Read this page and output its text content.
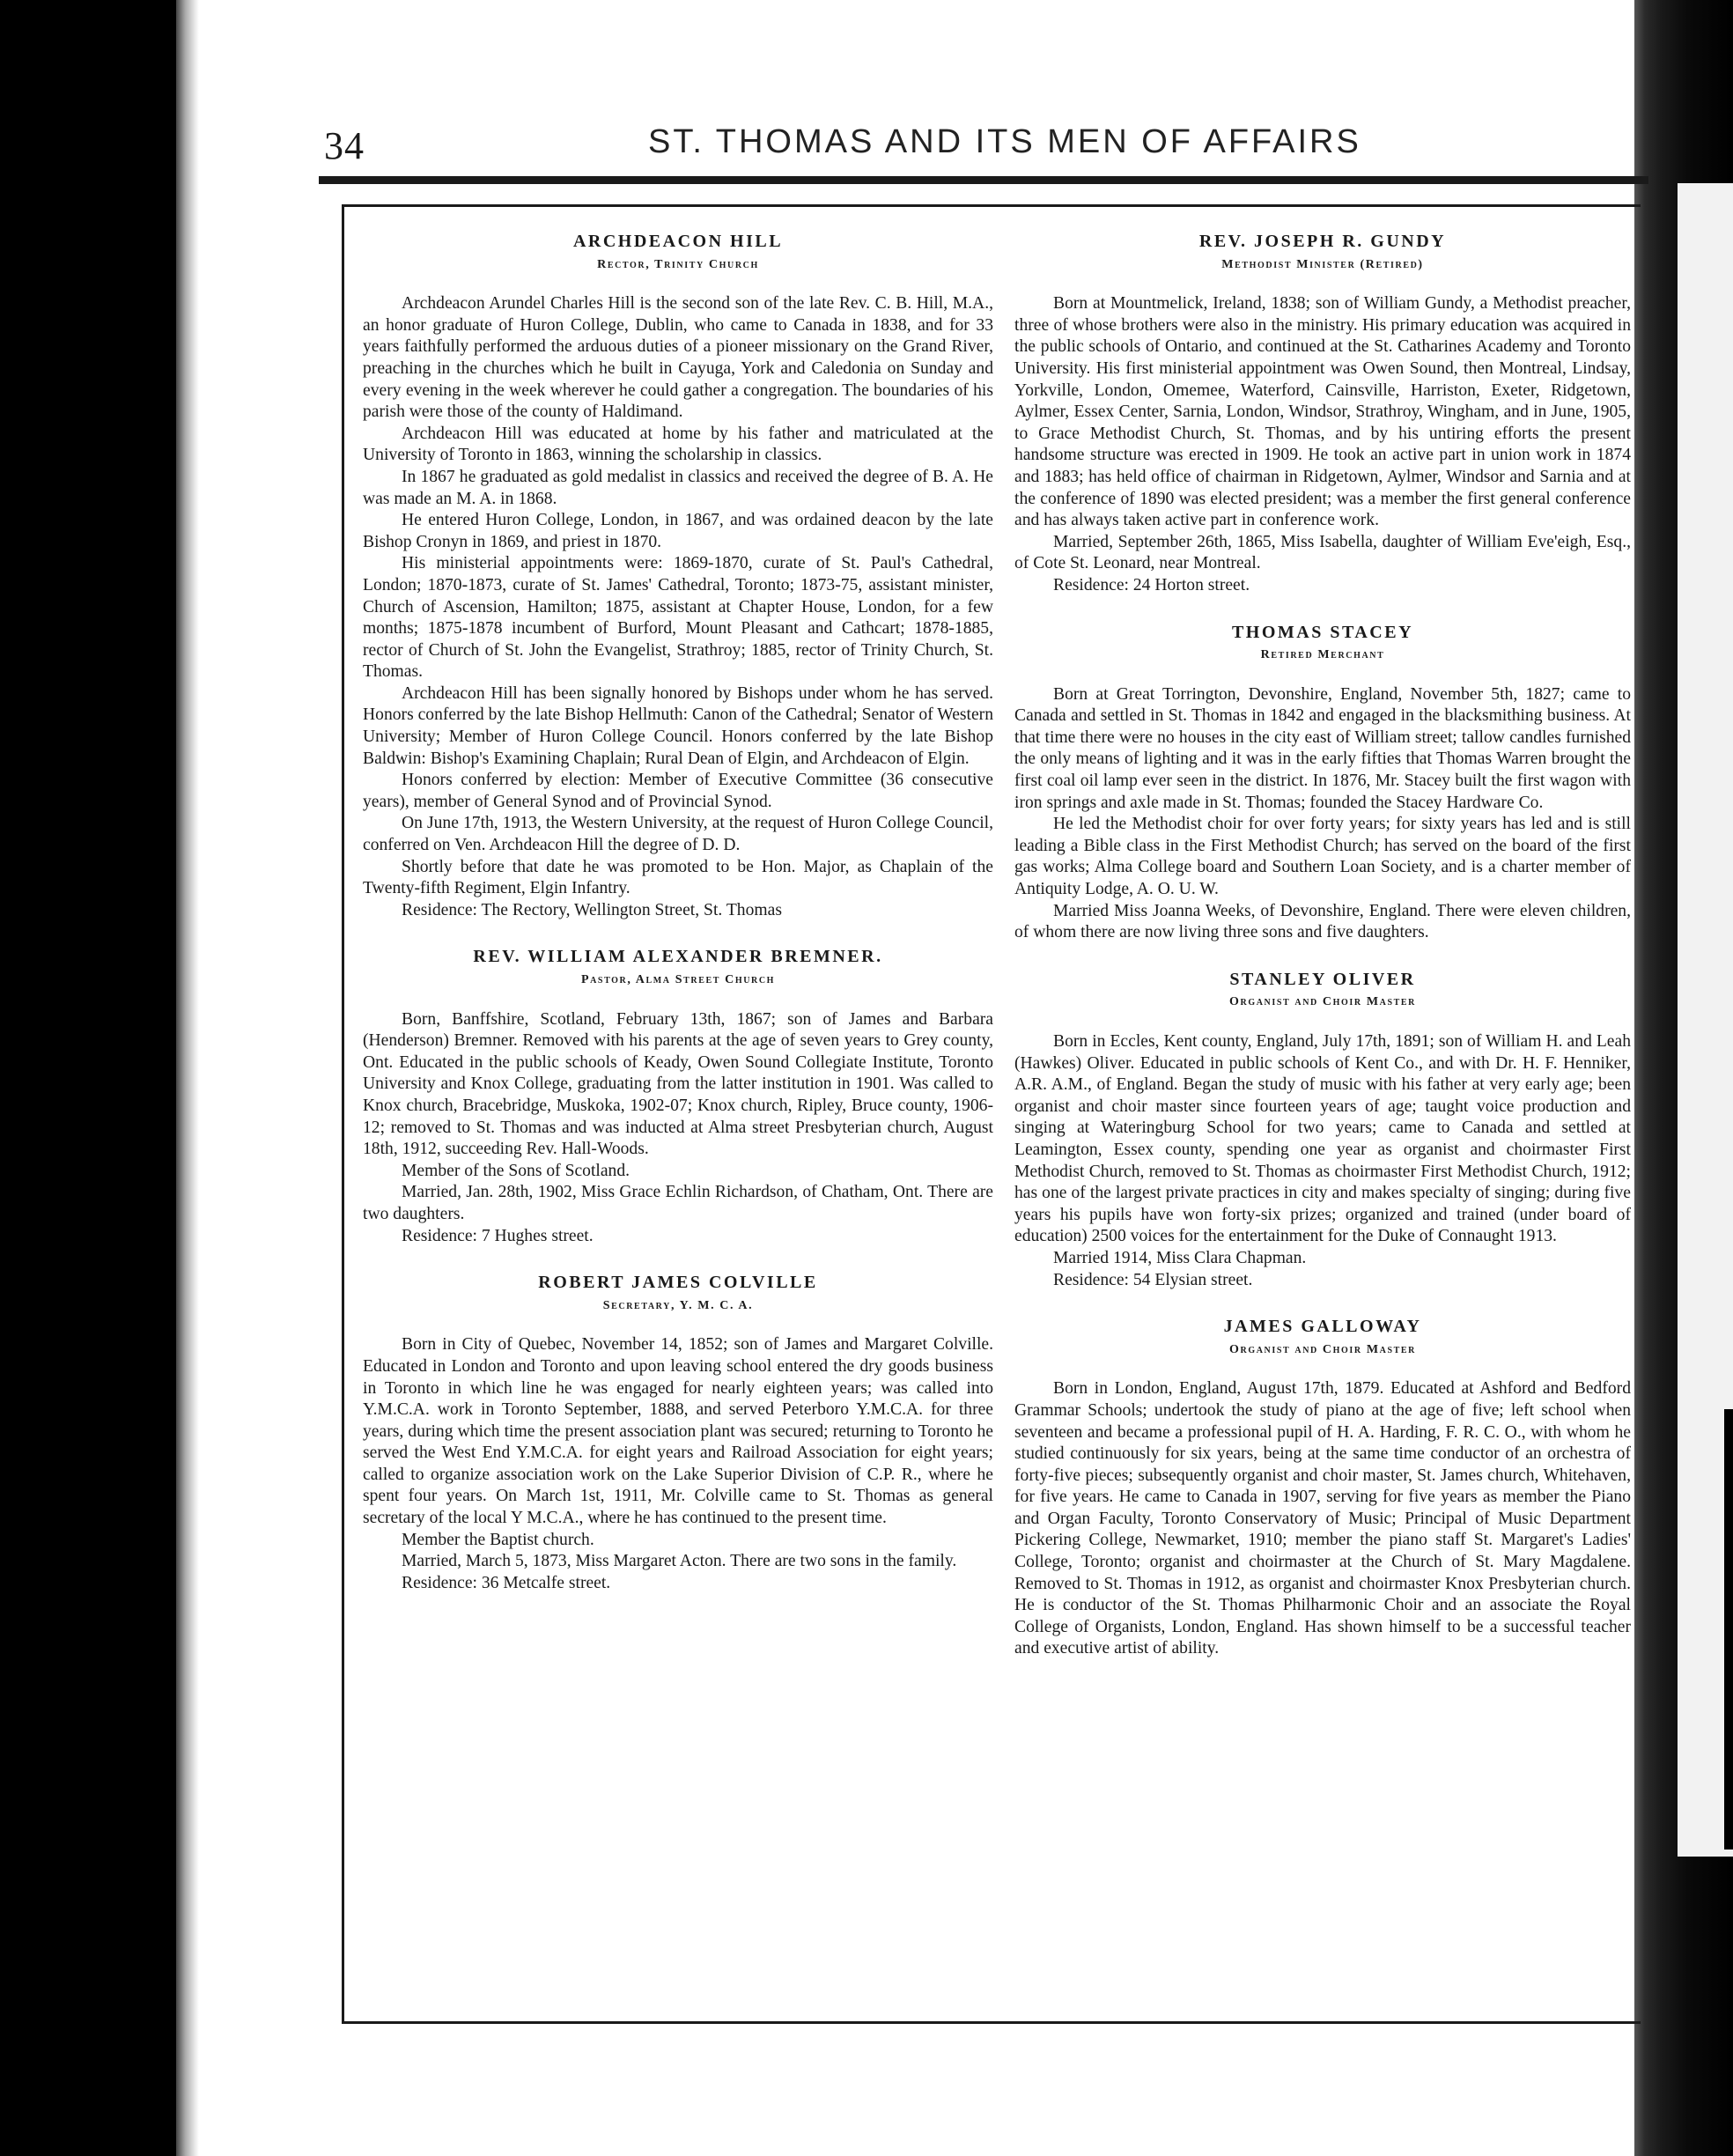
34	ST. THOMAS AND ITS MEN OF AFFAIRS
ARCHDEACON HILL
Rector, Trinity Church

Archdeacon Arundel Charles Hill is the second son of the late Rev. C. B. Hill, M.A., an honor graduate of Huron College, Dublin, who came to Canada in 1838, and for 33 years faithfully performed the arduous duties of a pioneer missionary on the Grand River, preaching in the churches which he built in Cayuga, York and Caledonia on Sunday and every evening in the week wherever he could gather a congregation. The boundaries of his parish were those of the county of Haldimand.

Archdeacon Hill was educated at home by his father and matriculated at the University of Toronto in 1863, winning the scholarship in classics.

In 1867 he graduated as gold medalist in classics and received the degree of B. A. He was made an M. A. in 1868.

He entered Huron College, London, in 1867, and was ordained deacon by the late Bishop Cronyn in 1869, and priest in 1870.

His ministerial appointments were: 1869-1870, curate of St. Paul's Cathedral, London; 1870-1873, curate of St. James' Cathedral, Toronto; 1873-75, assistant minister, Church of Ascension, Hamilton; 1875, assistant at Chapter House, London, for a few months; 1875-1878 incumbent of Burford, Mount Pleasant and Cathcart; 1878-1885, rector of Church of St. John the Evangelist, Strathroy; 1885, rector of Trinity Church, St. Thomas.

Archdeacon Hill has been signally honored by Bishops under whom he has served. Honors conferred by the late Bishop Hellmuth: Canon of the Cathedral; Senator of Western University; Member of Huron College Council. Honors conferred by the late Bishop Baldwin: Bishop's Examining Chaplain; Rural Dean of Elgin, and Archdeacon of Elgin.

Honors conferred by election: Member of Executive Committee (36 consecutive years), member of General Synod and of Provincial Synod.

On June 17th, 1913, the Western University, at the request of Huron College Council, conferred on Ven. Archdeacon Hill the degree of D. D.

Shortly before that date he was promoted to be Hon. Major, as Chaplain of the Twenty-fifth Regiment, Elgin Infantry.

Residence: The Rectory, Wellington Street, St. Thomas

REV. WILLIAM ALEXANDER BREMNER.
Pastor, Alma Street Church

Born, Banffshire, Scotland, February 13th, 1867; son of James and Barbara (Henderson) Bremner. Removed with his parents at the age of seven years to Grey county, Ont. Educated in the public schools of Keady, Owen Sound Collegiate Institute, Toronto University and Knox College, graduating from the latter institution in 1901. Was called to Knox church, Bracebridge, Muskoka, 1902-07; Knox church, Ripley, Bruce county, 1906-12; removed to St. Thomas and was inducted at Alma street Presbyterian church, August 18th, 1912, succeeding Rev. Hall-Woods.

Member of the Sons of Scotland.

Married, Jan. 28th, 1902, Miss Grace Echlin Richardson, of Chatham, Ont. There are two daughters.

Residence: 7 Hughes street.

ROBERT JAMES COLVILLE
Secretary, Y. M. C. A.

Born in City of Quebec, November 14, 1852; son of James and Margaret Colville. Educated in London and Toronto and upon leaving school entered the dry goods business in Toronto in which line he was engaged for nearly eighteen years; was called into Y.M.C.A. work in Toronto September, 1888, and served Peterboro Y.M.C.A. for three years, during which time the present association plant was secured; returning to Toronto he served the West End Y.M.C.A. for eight years and Railroad Association for eight years; called to organize association work on the Lake Superior Division of C.P. R., where he spent four years. On March 1st, 1911, Mr. Colville came to St. Thomas as general secretary of the local Y M.C.A., where he has continued to the present time.

Member the Baptist church.

Married, March 5, 1873, Miss Margaret Acton. There are two sons in the family.

Residence: 36 Metcalfe street.

REV. JOSEPH R. GUNDY
Methodist Minister (Retired)

Born at Mountmelick, Ireland, 1838; son of William Gundy, a Methodist preacher, three of whose brothers were also in the ministry. His primary education was acquired in the public schools of Ontario, and continued at the St. Catharines Academy and Toronto University. His first ministerial appointment was Owen Sound, then Montreal, Lindsay, Yorkville, London, Omemee, Waterford, Cainsville, Harriston, Exeter, Ridgetown, Aylmer, Essex Center, Sarnia, London, Windsor, Strathroy, Wingham, and in June, 1905, to Grace Methodist Church, St. Thomas, and by his untiring efforts the present handsome structure was erected in 1909. He took an active part in union work in 1874 and 1883; has held office of chairman in Ridgetown, Aylmer, Windsor and Sarnia and at the conference of 1890 was elected president; was a member the first general conference and has always taken active part in conference work.

Married, September 26th, 1865, Miss Isabella, daughter of William Eve'eigh, Esq., of Cote St. Leonard, near Montreal.

Residence: 24 Horton street.

THOMAS STACEY
Retired Merchant

Born at Great Torrington, Devonshire, England, November 5th, 1827; came to Canada and settled in St. Thomas in 1842 and engaged in the blacksmithing business. At that time there were no houses in the city east of William street; tallow candles furnished the only means of lighting and it was in the early fifties that Thomas Warren brought the first coal oil lamp ever seen in the district. In 1876, Mr. Stacey built the first wagon with iron springs and axle made in St. Thomas; founded the Stacey Hardware Co.

He led the Methodist choir for over forty years; for sixty years has led and is still leading a Bible class in the First Methodist Church; has served on the board of the first gas works; Alma College board and Southern Loan Society, and is a charter member of Antiquity Lodge, A. O. U. W.

Married Miss Joanna Weeks, of Devonshire, England. There were eleven children, of whom there are now living three sons and five daughters.

STANLEY OLIVER
Organist and Choir Master

Born in Eccles, Kent county, England, July 17th, 1891; son of William H. and Leah (Hawkes) Oliver. Educated in public schools of Kent Co., and with Dr. H. F. Henniker, A.R. A.M., of England. Began the study of music with his father at very early age; been organist and choir master since fourteen years of age; taught voice production and singing at Wateringburg School for two years; came to Canada and settled at Leamington, Essex county, spending one year as organist and choirmaster First Methodist Church, removed to St. Thomas as choirmaster First Methodist Church, 1912; has one of the largest private practices in city and makes specialty of singing; during five years his pupils have won forty-six prizes; organized and trained (under board of education) 2500 voices for the entertainment for the Duke of Connaught 1913.

Married 1914, Miss Clara Chapman.

Residence: 54 Elysian street.

JAMES GALLOWAY
Organist and Choir Master

Born in London, England, August 17th, 1879. Educated at Ashford and Bedford Grammar Schools; undertook the study of piano at the age of five; left school when seventeen and became a professional pupil of H. A. Harding, F. R. C. O., with whom he studied continuously for six years, being at the same time conductor of an orchestra of forty-five pieces; subsequently organist and choir master, St. James church, Whitehaven, for five years. He came to Canada in 1907, serving for five years as member the Piano and Organ Faculty, Toronto Conservatory of Music; Principal of Music Department Pickering College, Newmarket, 1910; member the piano staff St. Margaret's Ladies' College, Toronto; organist and choirmaster at the Church of St. Mary Magdalene. Removed to St. Thomas in 1912, as organist and choirmaster Knox Presbyterian church. He is conductor of the St. Thomas Philharmonic Choir and an associate the Royal College of Organists, London, England. Has shown himself to be a successful teacher and executive artist of ability.
